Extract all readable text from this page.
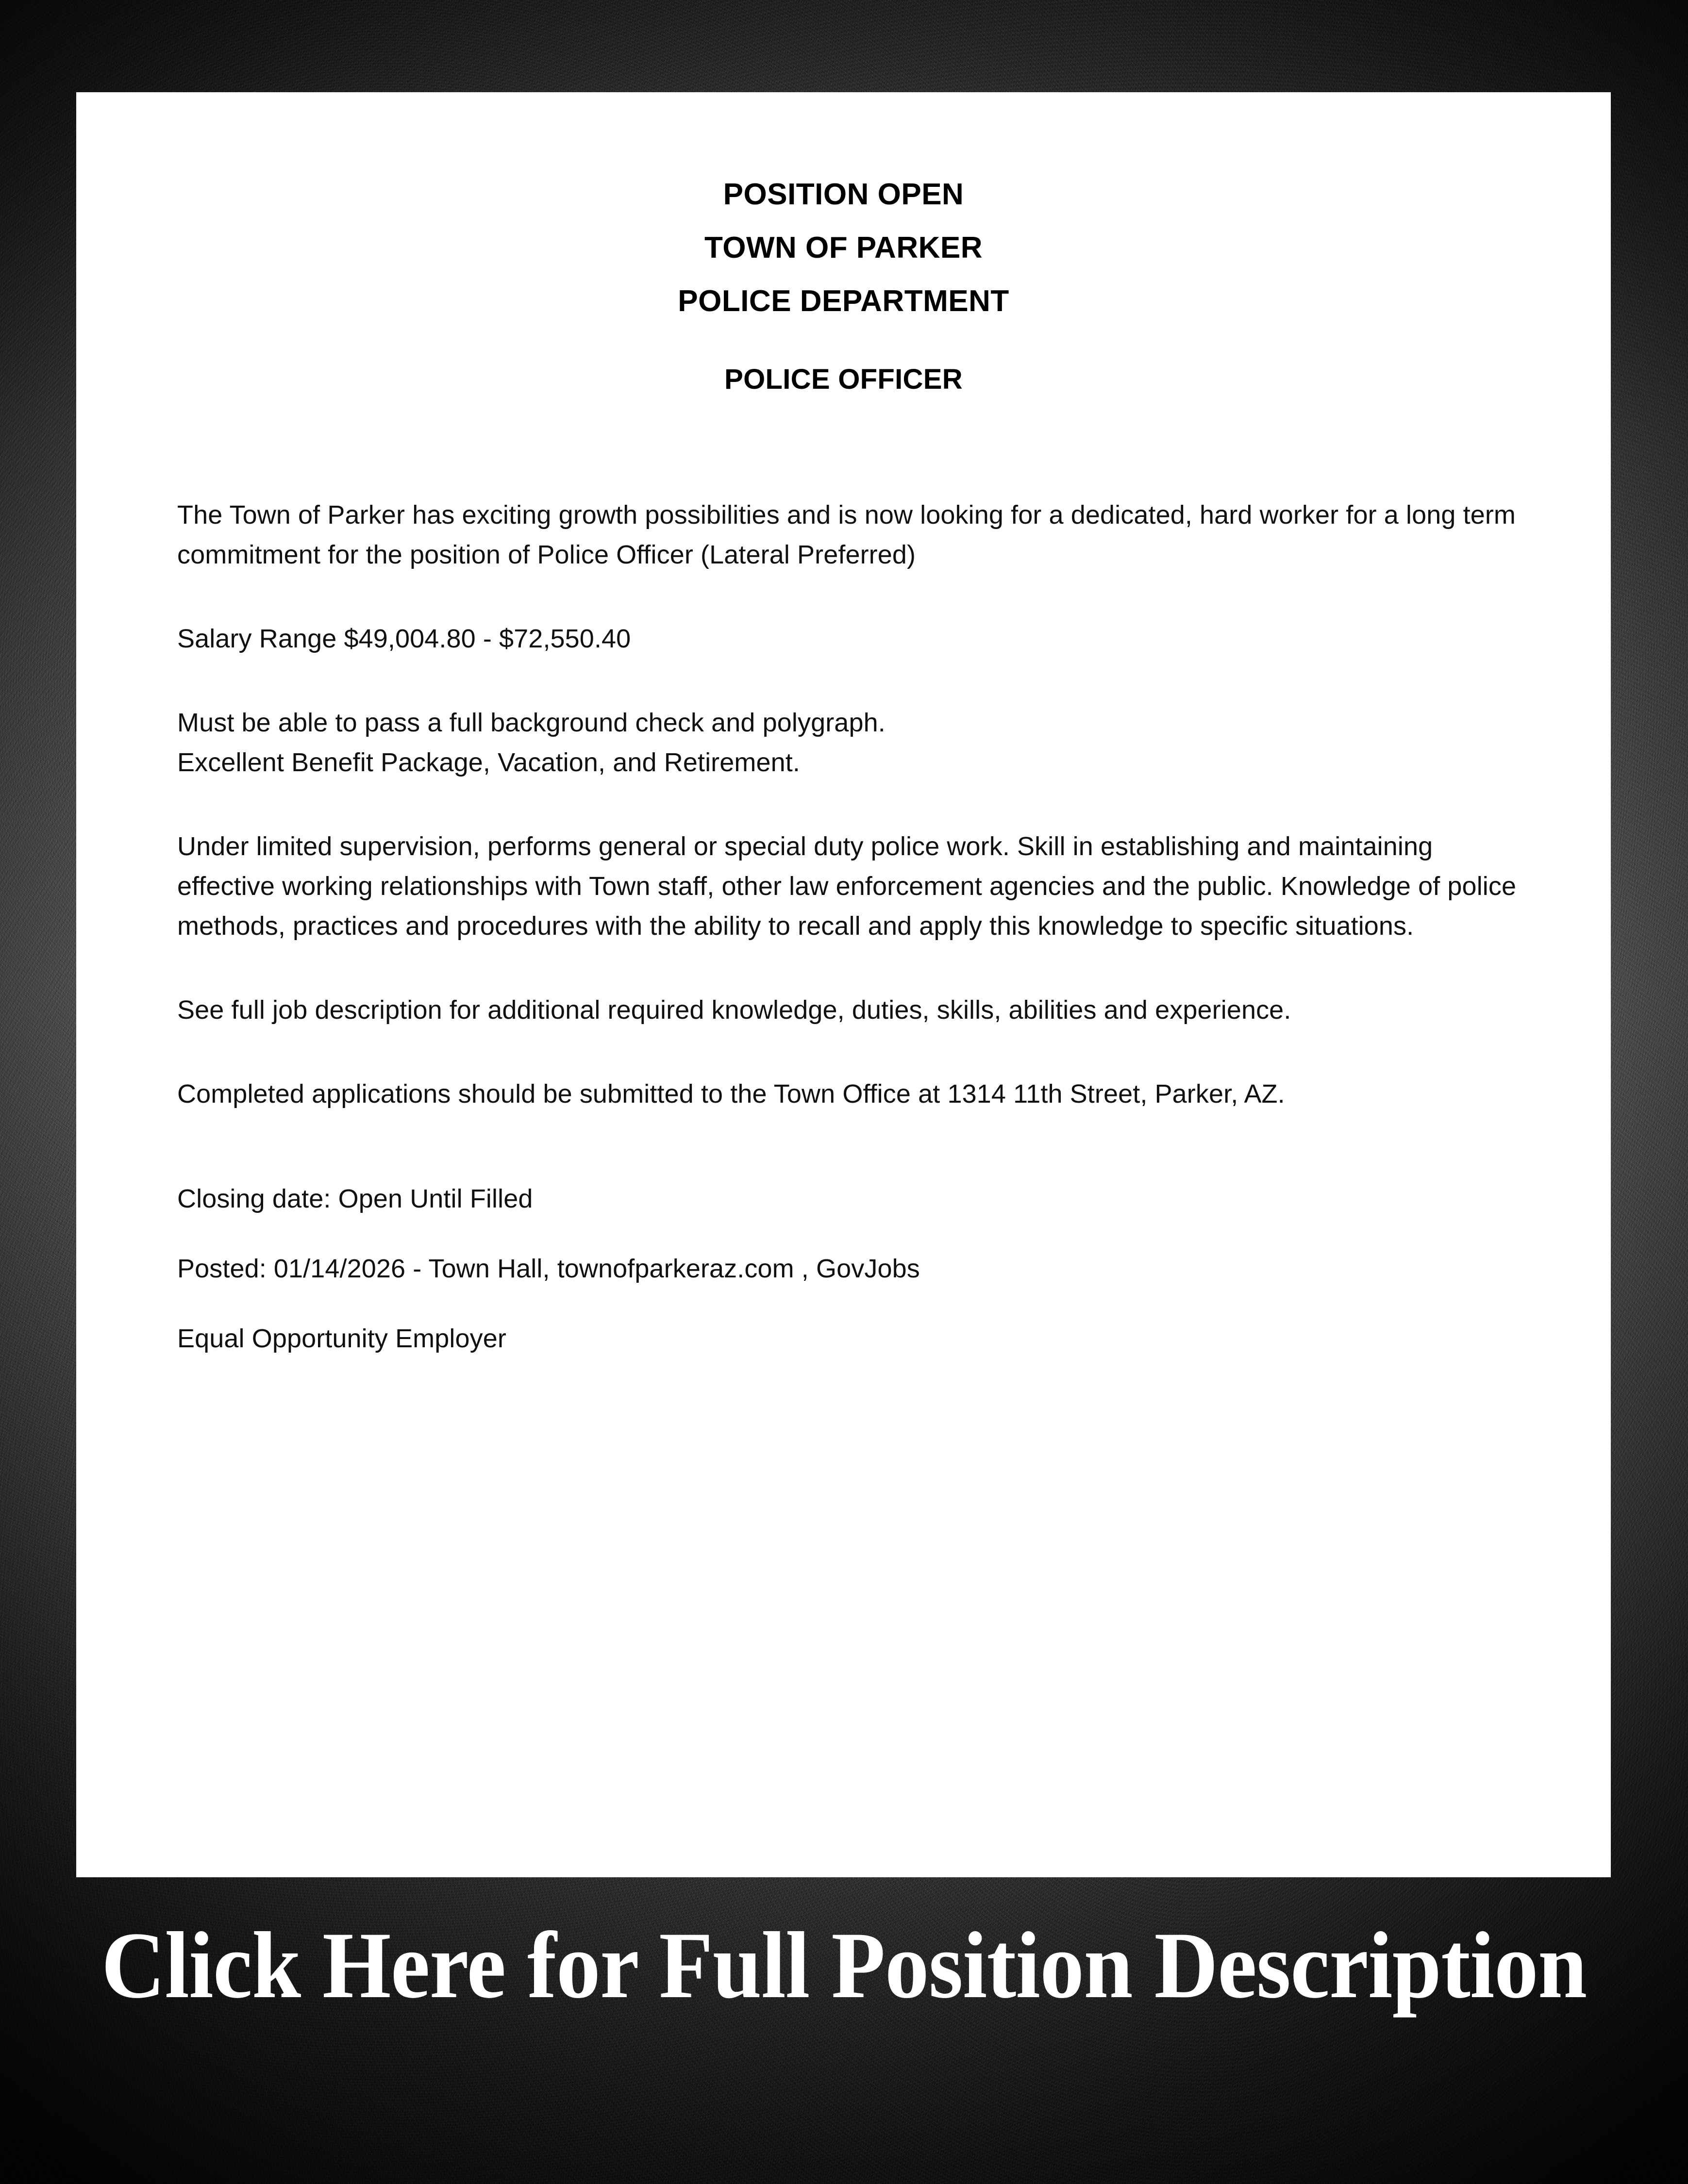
POSITION OPEN
TOWN OF PARKER
POLICE DEPARTMENT
POLICE OFFICER

The Town of Parker has exciting growth possibilities and is now looking for a dedicated, hard worker for a long term commitment for the position of Police Officer (Lateral Preferred)

Salary Range $49,004.80 - $72,550.40

Must be able to pass a full background check and polygraph.

Excellent Benefit Package, Vacation, and Retirement.

Under limited supervision, performs general or special duty police work. Skill in establishing and maintaining effective working relationships with Town staff, other law enforcement agencies and the public. Knowledge of police methods, practices and procedures with the ability to recall and apply this knowledge to specific situations.

See full job description for additional required knowledge, duties, skills, abilities and experience.

Completed applications should be submitted to the Town Office at 1314 11th Street, Parker, AZ.

Closing date: Open Until Filled

Posted: 01/14/2026 - Town Hall, townofparkeraz.com , GovJobs

Equal Opportunity Employer

Click Here for Full Position Description
